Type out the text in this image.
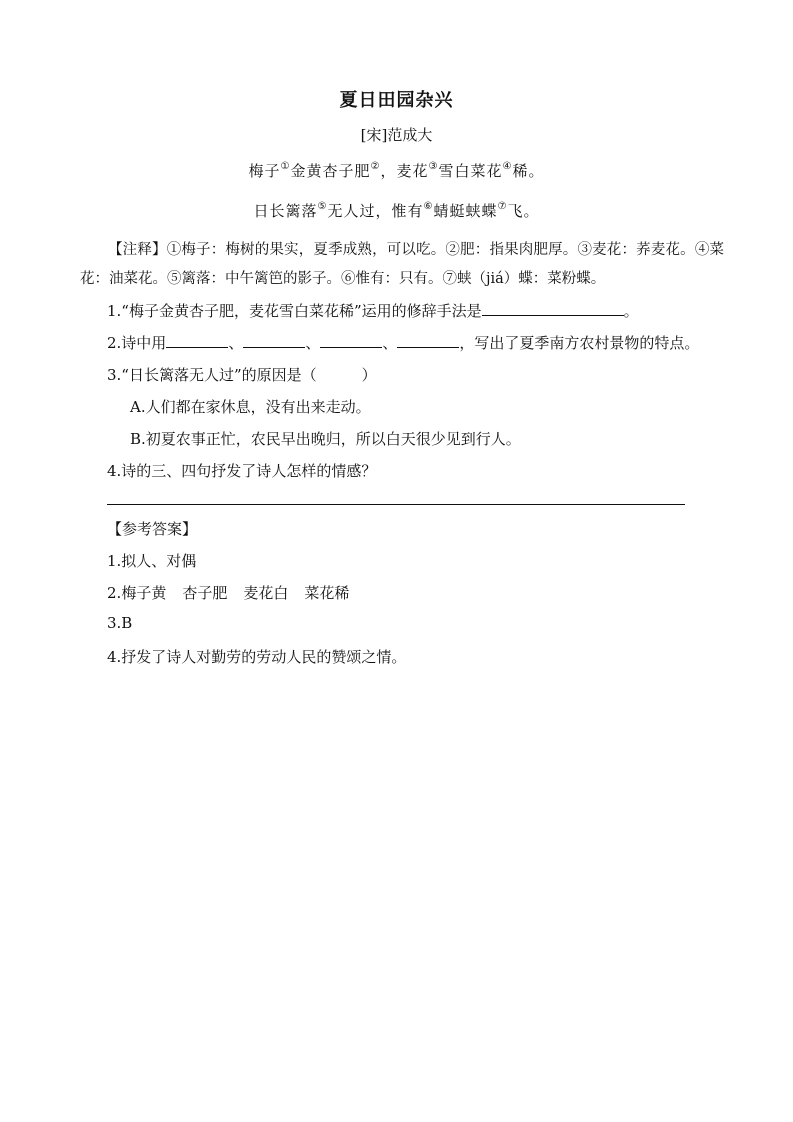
夏日田园杂兴
[宋]范成大
梅子①金黄杏子肥②，麦花③雪白菜花④稀。
日长篱落⑤无人过，惟有⑥蜻蜓蛱蝶⑦飞。
【注释】①梅子：梅树的果实，夏季成熟，可以吃。②肥：指果肉肥厚。③麦花：荞麦花。④菜花：油菜花。⑤篱落：中午篱笆的影子。⑥惟有：只有。⑦蛱（jiá）蝶：菜粉蝶。
1.“梅子金黄杏子肥，麦花雪白菜花稀”运用的修辞手法是	。
2.诗中用	、	、	、	，写出了夏季南方农村景物的特点。
3.“日长篱落无人过”的原因是（　　　）
A.人们都在家休息，没有出来走动。
B.初夏农事正忙，农民早出晚归，所以白天很少见到行人。
4.诗的三、四句抒发了诗人怎样的情感？
【参考答案】
1.拟人、对偶
2.梅子黄 杏子肥 麦花白 菜花稀
3.B
4.抒发了诗人对勤劳的劳动人民的赞颂之情。
